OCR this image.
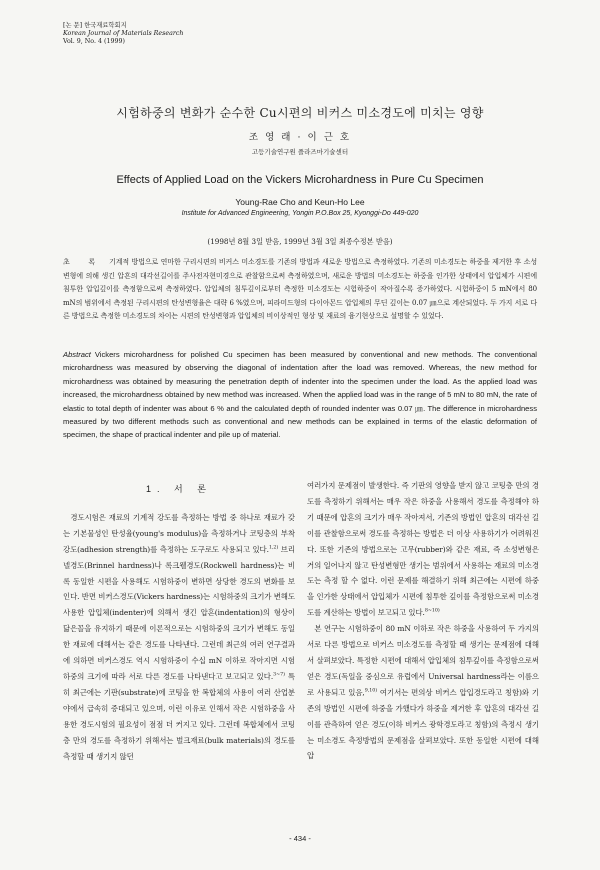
[논 문] 한국재료학회지
Korean Journal of Materials Research
Vol. 9, No. 4 (1999)
시험하중의 변화가 순수한 Cu시편의 비커스 미소경도에 미치는 영향
조 영 래 · 이 근 호
고등기술연구원 플라즈마기술센터
Effects of Applied Load on the Vickers Microhardness in Pure Cu Specimen
Young-Rae Cho and Keun-Ho Lee
Institute for Advanced Engineering, Yongin P.O.Box 25, Kyonggi-Do 449-020
(1998년 8월 3일 받음, 1999년 3월 3일 최종수정본 받음)
초 록 기계적 방법으로 연마한 구리시편의 비커스 미소경도를 기존의 방법과 새로운 방법으로 측정하였다. 기존의 미소경도는 하중을 제거한 후 소성변형에 의해 생긴 압흔의 대각선길이를 주사전자현미경으로 관찰함으로써 측정하였으며, 새로운 방법의 미소경도는 하중을 인가한 상태에서 압입체가 시편에 침투한 압입깊이를 측정함으로써 측정하였다. 압입체의 침투깊이로부터 측정한 미소경도는 시험하중이 작아질수록 증가하였다. 시험하중이 5 mN에서 80 mN의 범위에서 측정된 구리시편의 탄성변형율은 대략 6 %였으며, 피라미드형의 다이아몬드 압입체의 무딘 깊이는 0.07 ㎛으로 계산되었다. 두 가지 서로 다른 방법으로 측정한 미소경도의 차이는 시편의 탄성변형과 압입체의 비이상적인 형상 및 재료의 융기현상으로 설명할 수 있었다.
Abstract Vickers microhardness for polished Cu specimen has been measured by conventional and new methods. The conventional microhardness was measured by observing the diagonal of indentation after the load was removed. Whereas, the new method for microhardness was obtained by measuring the penetration depth of indenter into the specimen under the load. As the applied load was increased, the microhardness obtained by new method was increased. When the applied load was in the range of 5 mN to 80 mN, the rate of elastic to total depth of indenter was about 6 % and the calculated depth of rounded indenter was 0.07 ㎛. The difference in microhardness measured by two different methods such as conventional and new methods can be explained in terms of the elastic deformation of specimen, the shape of practical indenter and pile up of material.
1. 서 론

경도시험은 재료의 기계적 강도를 측정하는 방법 중 하나로 재료가 갖는 기본물성인 탄성율(young's modulus)을 측정하거나 코팅층의 부착강도(adhesion strength)를 측정하는 도구로도 사용되고 있다.$^{1,2)}$ 브리넬경도(Brinnel hardness)나 록크웰경도(Rockwell hardness)는 비록 동일한 시편을 사용해도 시험하중이 변하면 상당한 경도의 변화를 보인다. 반면 비커스경도(Vickers hardness)는 시험하중의 크기가 변해도 사용한 압입체(indenter)에 의해서 생긴 압흔(indentation)의 형상이 닮은꼴을 유지하기 때문에 이론적으로는 시험하중의 크기가 변해도 동일한 재료에 대해서는 같은 경도를 나타낸다. 그런데 최근의 여러 연구결과에 의하면 비커스경도 역시 시험하중이 수십 mN 이하로 작아지면 시험하중의 크기에 따라 서로 다른 경도를 나타낸다고 보고되고 있다.$^{3\sim 7)}$ 특히 최근에는 기판(substrate)에 코팅을 한 복합체의 사용이 여러 산업분야에서 급속히 증대되고 있으며, 이런 이유로 인해서 작은 시험하중을 사용한 경도시험의 필요성이 점점 더 커지고 있다. 그런데 복합체에서 코팅층 만의 경도를 측정하기 위해서는 벌크재료(bulk materials)의 경도를 측정할 때 생기지 않던

여러가지 문제점이 발생한다. 즉 기판의 영향을 받지 않고 코팅층 만의 경도를 측정하기 위해서는 매우 작은 하중을 사용해서 경도를 측정해야 하기 때문에 압흔의 크기가 매우 작아져서, 기존의 방법인 압흔의 대각선 길이를 관찰함으로써 경도를 측정하는 방법은 더 이상 사용하기가 어려워진다. 또한 기존의 방법으로는 고무(rubber)와 같은 재료, 즉 소성변형은 거의 일어나지 않고 탄성변형만 생기는 범위에서 사용하는 재료의 미소경도는 측정 할 수 없다. 이런 문제를 해결하기 위해 최근에는 시편에 하중을 인가한 상태에서 압입체가 시편에 침투한 깊이를 측정함으로써 미소경도를 계산하는 방법이 보고되고 있다.$^{8\sim 10)}$

본 연구는 시험하중이 80 mN 이하로 작은 하중을 사용하여 두 가지의 서로 다른 방법으로 비커스 미소경도를 측정할 때 생기는 문제점에 대해서 살펴보았다. 특정한 시편에 대해서 압입체의 침투깊이를 측정함으로써 얻은 경도(독일을 중심으로 유럽에서 Universal hardness라는 이름으로 사용되고 있음,$^{9,10)}$ 여기서는 편의상 비커스 압입경도라고 칭함)와 기존의 방법인 시편에 하중을 가했다가 하중을 제거한 후 압흔의 대각선 길이를 관측하여 얻은 경도(이하 비커스 광학경도라고 칭함)의 측정시 생기는 미소경도 측정방법의 문제점을 살펴보았다. 또한 동일한 시편에 대해 압

- 434 -
